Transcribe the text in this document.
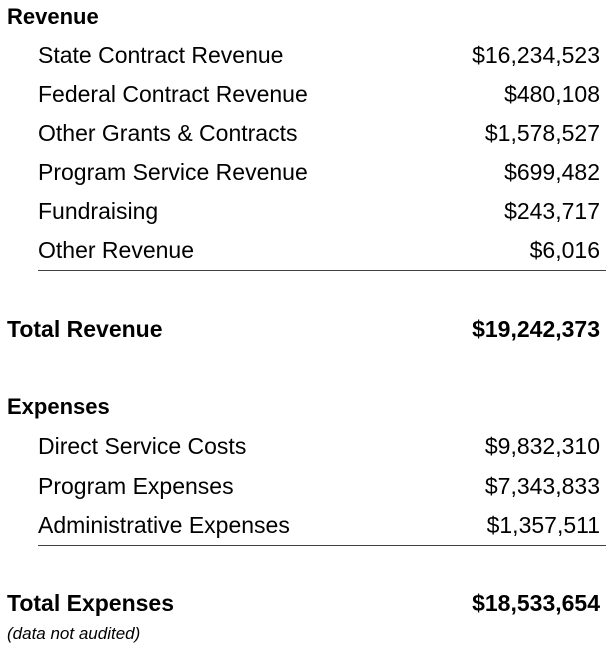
Revenue
State Contract Revenue	$16,234,523
Federal Contract Revenue	$480,108
Other Grants & Contracts	$1,578,527
Program Service Revenue	$699,482
Fundraising	$243,717
Other Revenue	$6,016
Total Revenue	$19,242,373
Expenses
Direct Service Costs	$9,832,310
Program Expenses	$7,343,833
Administrative Expenses	$1,357,511
Total Expenses	$18,533,654
(data not audited)
